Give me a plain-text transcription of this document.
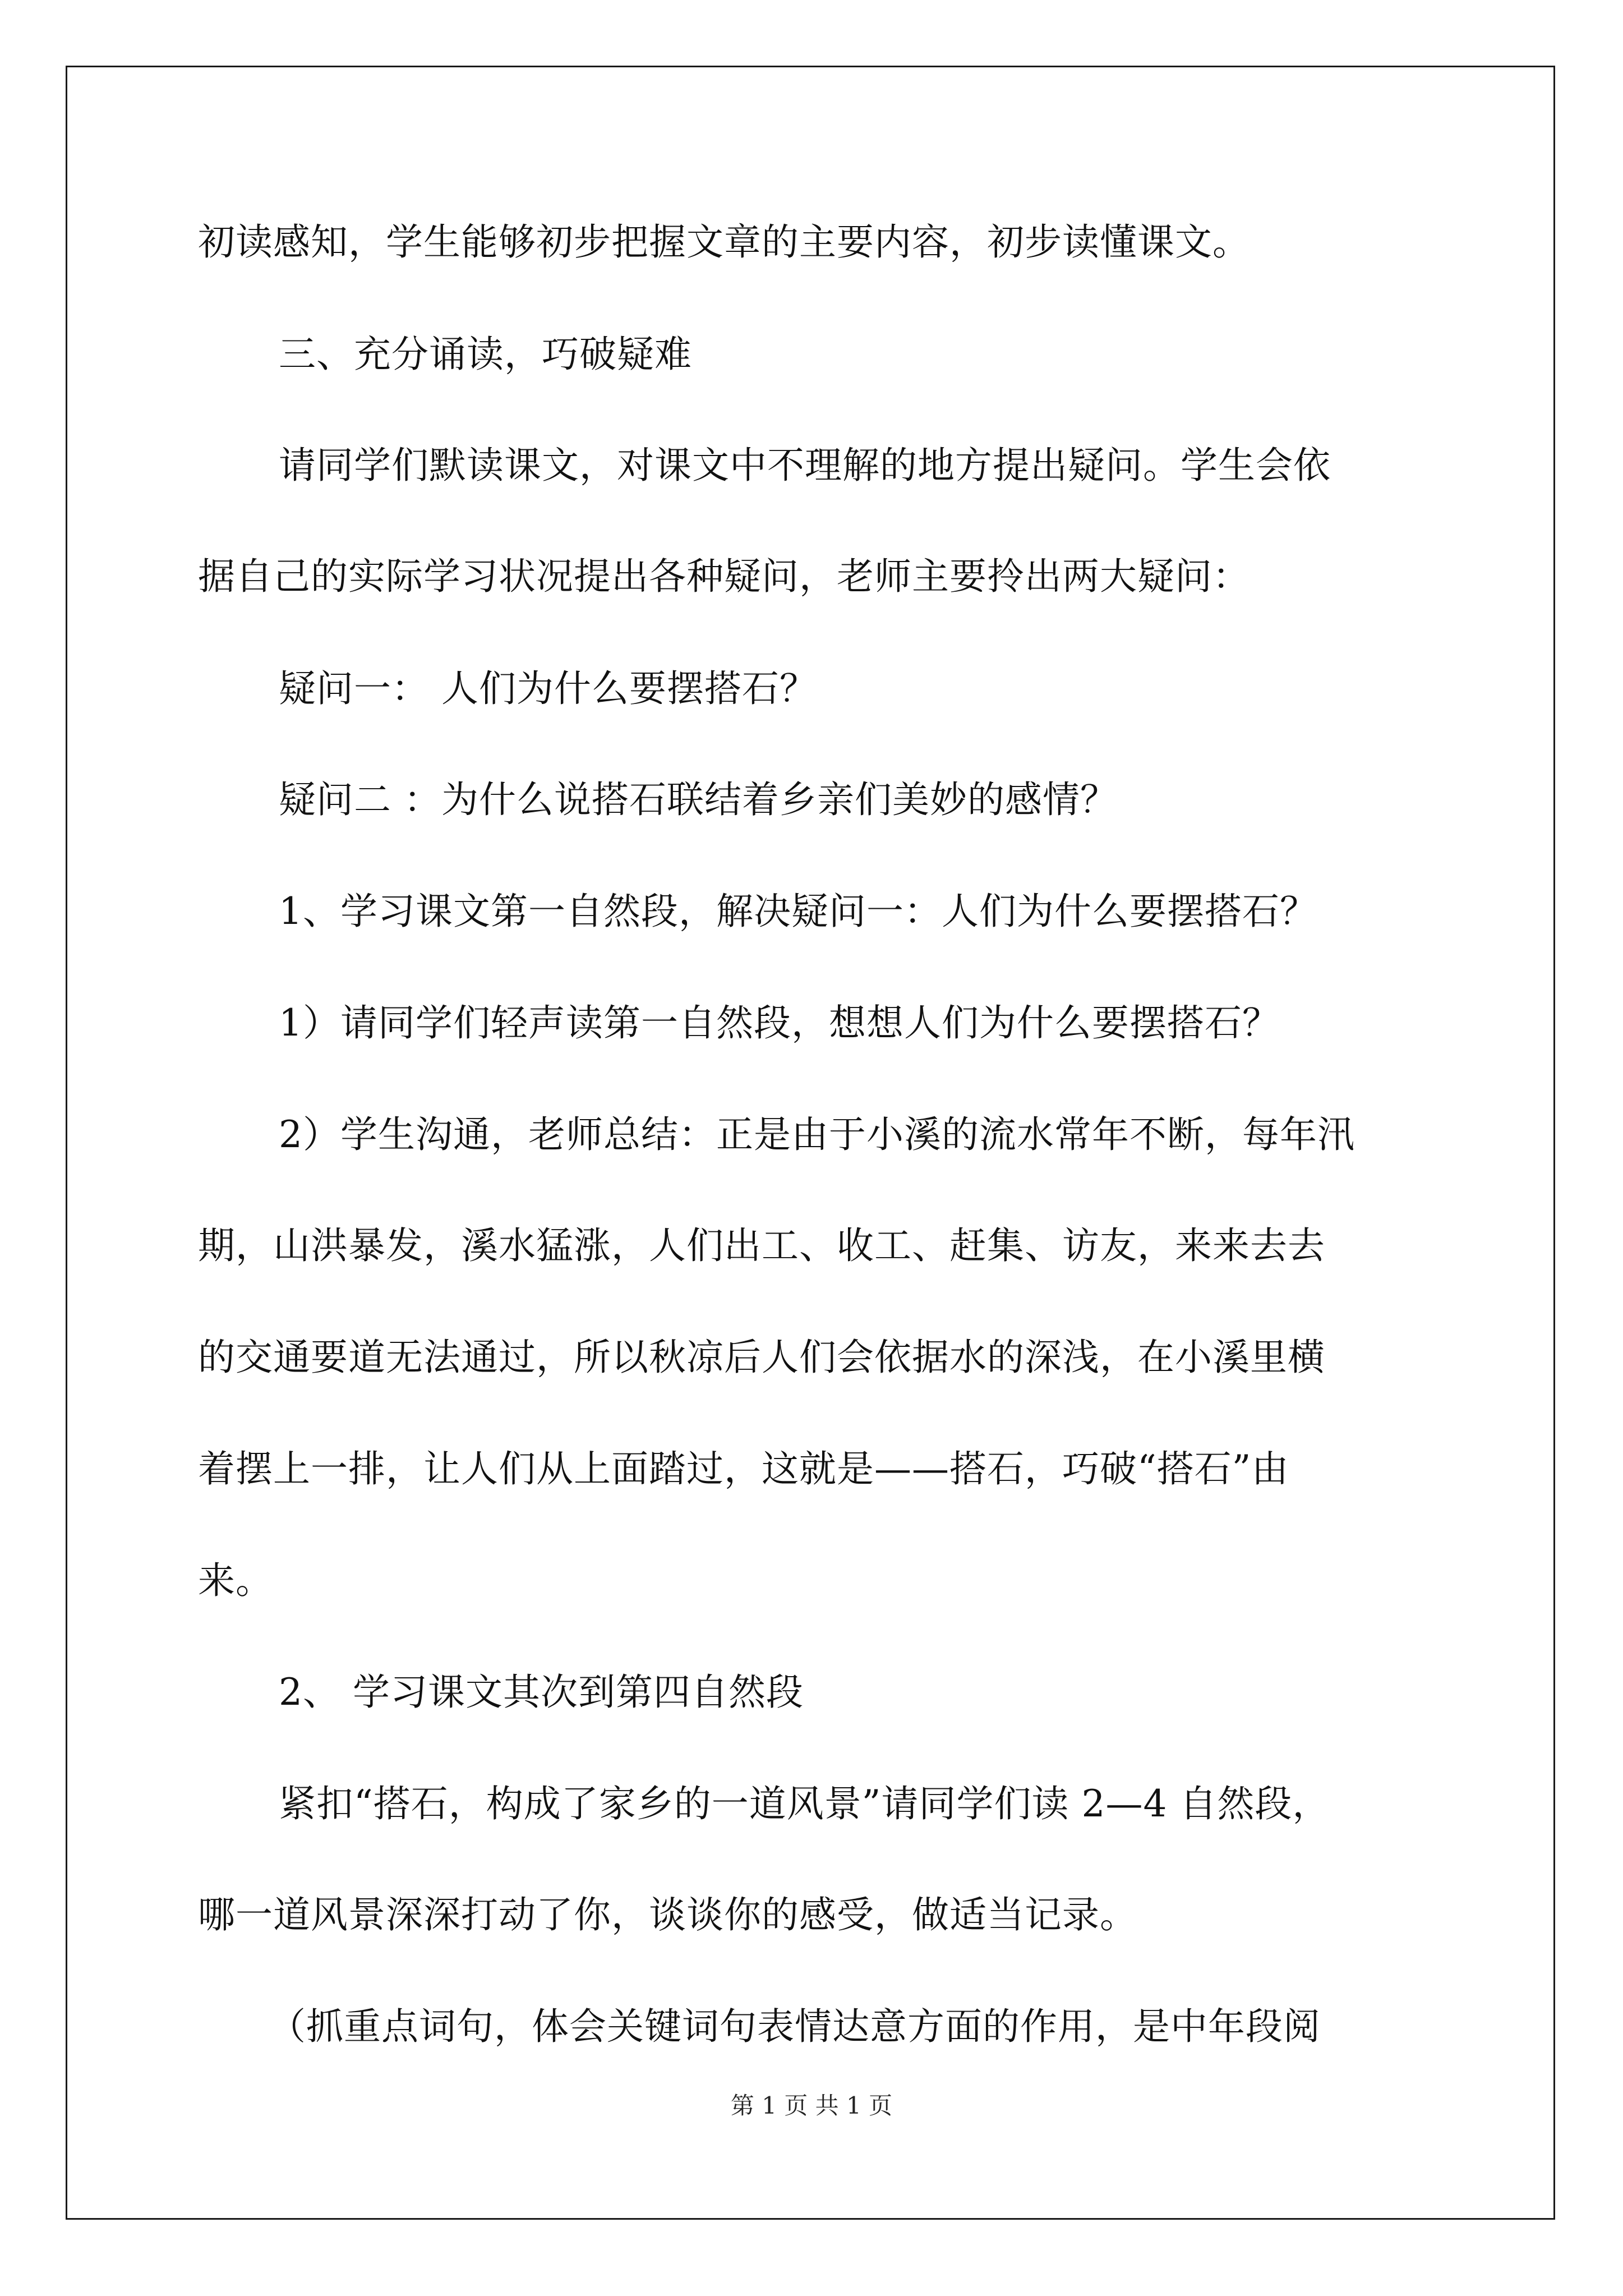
初读感知，学生能够初步把握文章的主要内容，初步读懂课文。
三、充分诵读，巧破疑难
请同学们默读课文，对课文中不理解的地方提出疑问。学生会依
据自己的实际学习状况提出各种疑问，老师主要拎出两大疑问：
疑问一： 人们为什么要摆搭石？
疑问二 ：为什么说搭石联结着乡亲们美妙的感情？
1、学习课文第一自然段，解决疑问一：人们为什么要摆搭石？
1）请同学们轻声读第一自然段，想想人们为什么要摆搭石？
2）学生沟通，老师总结：正是由于小溪的流水常年不断，每年汛
期，山洪暴发，溪水猛涨，人们出工、收工、赶集、访友，来来去去
的交通要道无法通过，所以秋凉后人们会依据水的深浅，在小溪里横
着摆上一排，让人们从上面踏过，这就是——搭石，巧破“搭石”由
来。
2、 学习课文其次到第四自然段
紧扣“搭石，构成了家乡的一道风景”请同学们读 2—4 自然段，
哪一道风景深深打动了你，谈谈你的感受，做适当记录。
（抓重点词句，体会关键词句表情达意方面的作用，是中年段阅
第 1 页 共 1 页
